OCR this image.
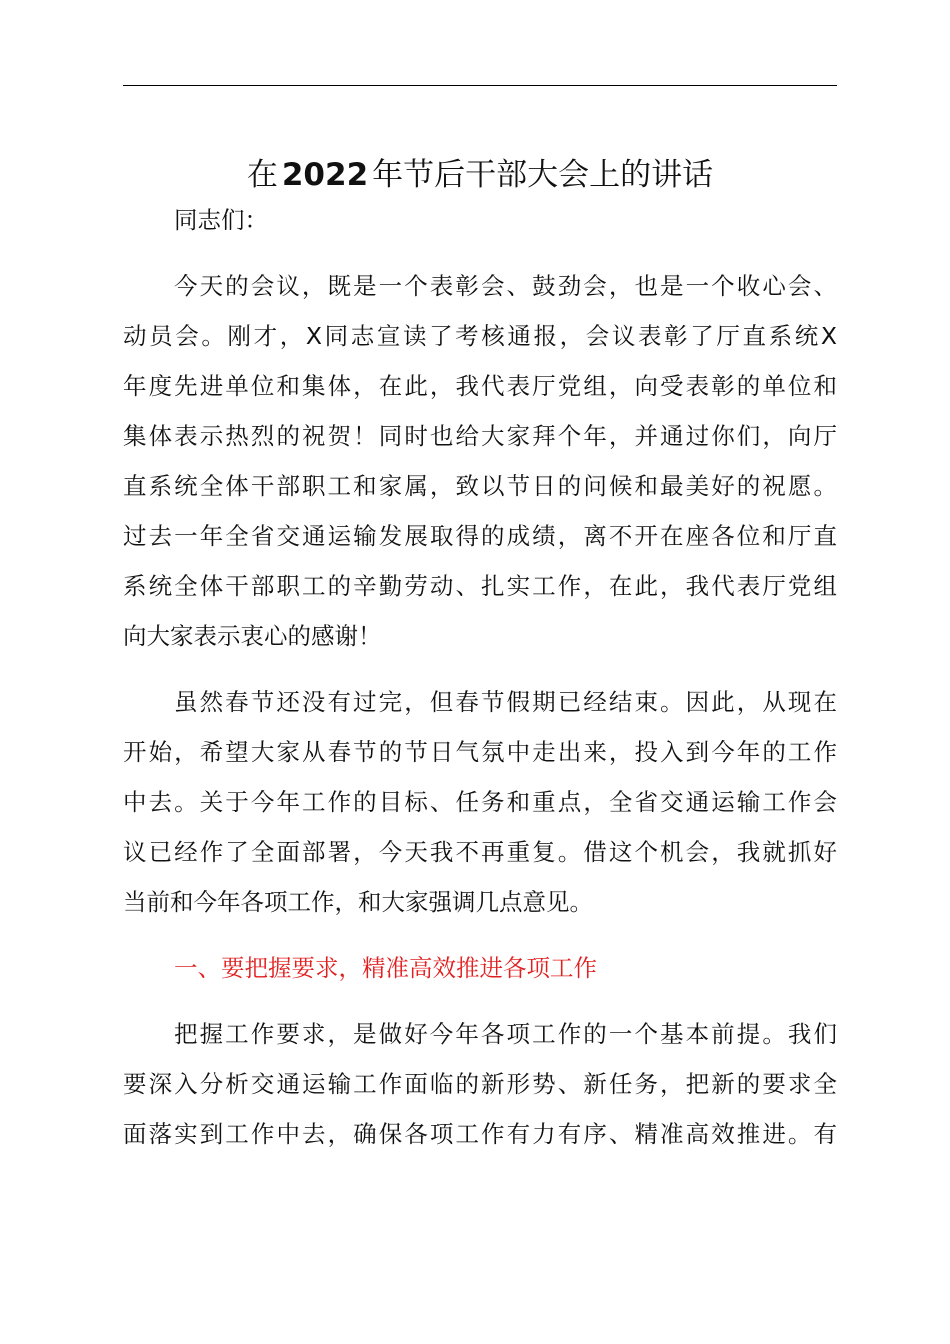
在 2022 年节后干部大会上的讲话
同志们：
今天的会议，既是一个表彰会、鼓劲会，也是一个收心会、
动员会。刚才，X同志宣读了考核通报，会议表彰了厅直系统X
年度先进单位和集体，在此，我代表厅党组，向受表彰的单位和
集体表示热烈的祝贺！同时也给大家拜个年，并通过你们，向厅
直系统全体干部职工和家属，致以节日的问候和最美好的祝愿。
过去一年全省交通运输发展取得的成绩，离不开在座各位和厅直
系统全体干部职工的辛勤劳动、扎实工作，在此，我代表厅党组
向大家表示衷心的感谢！
虽然春节还没有过完，但春节假期已经结束。因此，从现在
开始，希望大家从春节的节日气氛中走出来，投入到今年的工作
中去。关于今年工作的目标、任务和重点，全省交通运输工作会
议已经作了全面部署，今天我不再重复。借这个机会，我就抓好
当前和今年各项工作，和大家强调几点意见。
一、要把握要求，精准高效推进各项工作
把握工作要求，是做好今年各项工作的一个基本前提。我们
要深入分析交通运输工作面临的新形势、新任务，把新的要求全
面落实到工作中去，确保各项工作有力有序、精准高效推进。有
